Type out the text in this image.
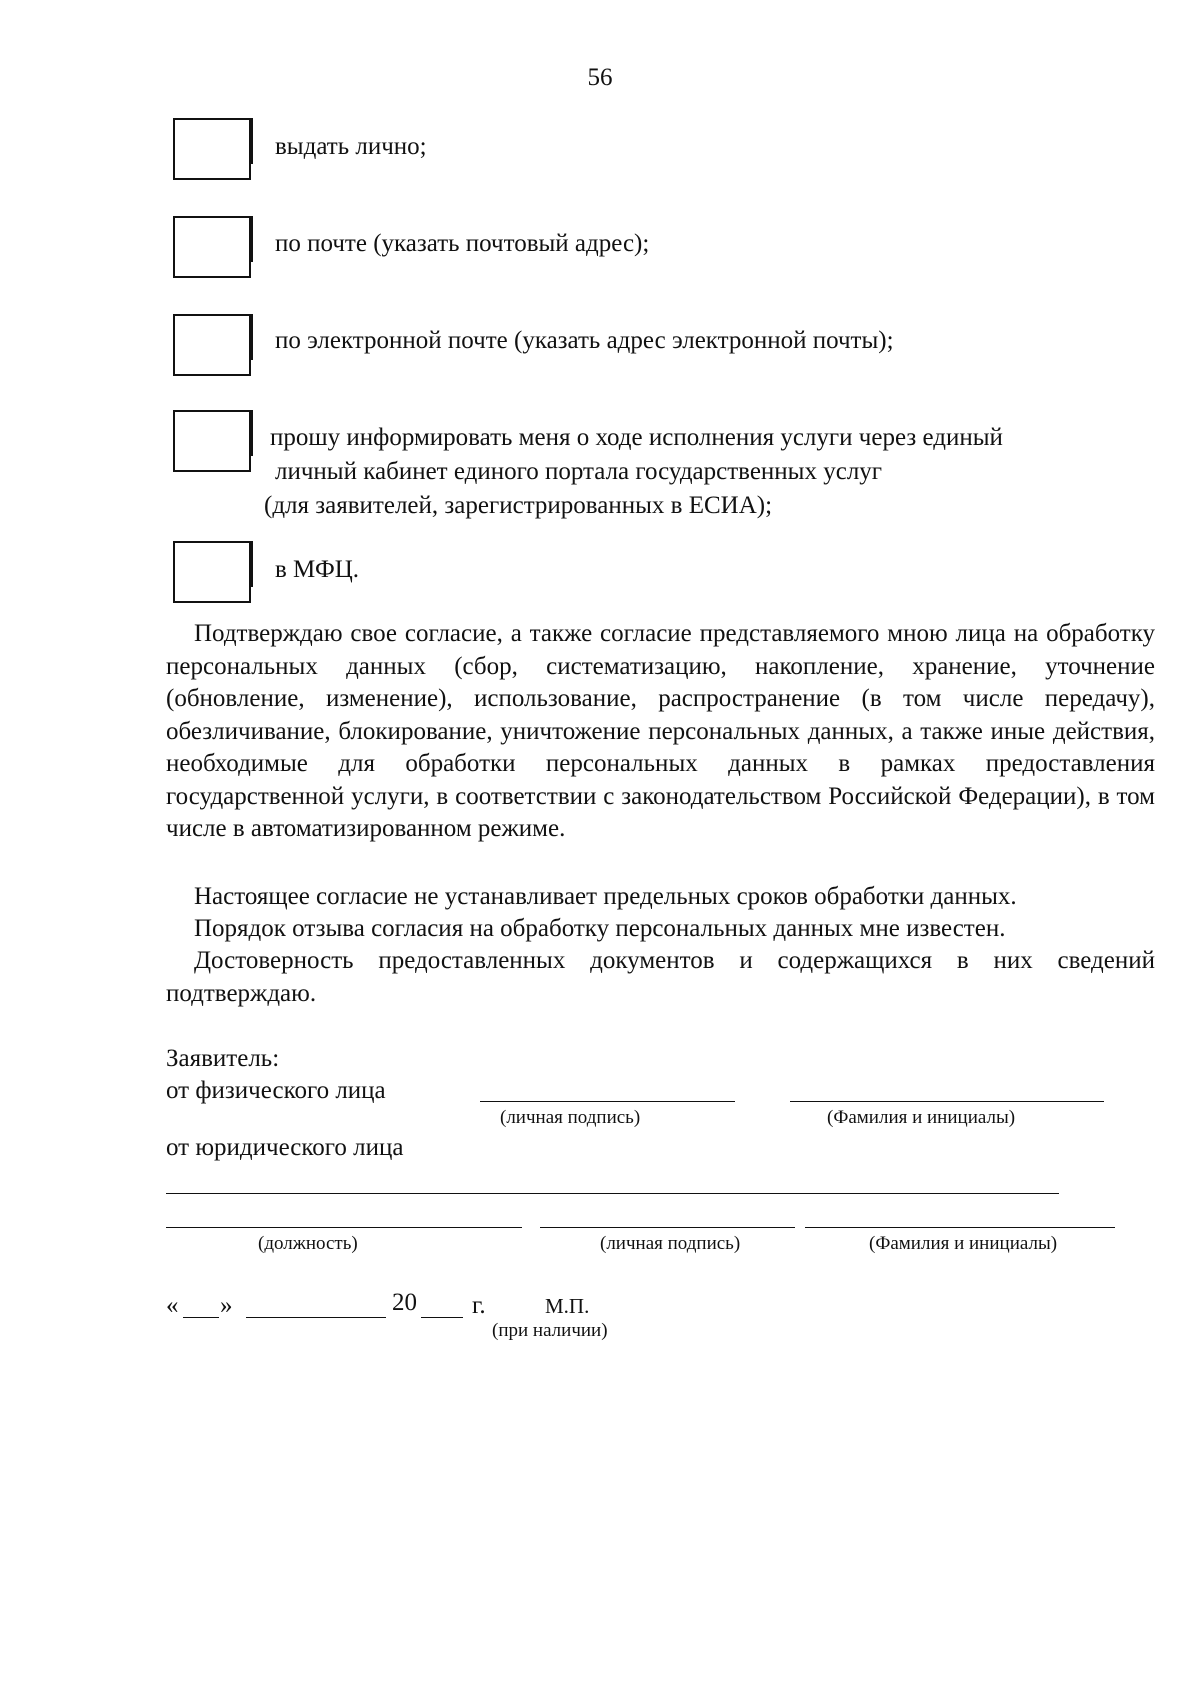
56
выдать лично;
по почте (указать почтовый адрес);
по электронной почте (указать адрес электронной почты);
прошу информировать меня о ходе исполнения услуги через единый
личный кабинет единого портала государственных услуг
(для заявителей, зарегистрированных в ЕСИА);
в МФЦ.
Подтверждаю свое согласие, а также согласие представляемого мною лица на обработку персональных данных (сбор, систематизацию, накопление, хранение, уточнение (обновление, изменение), использование, распространение (в том числе передачу), обезличивание, блокирование, уничтожение персональных данных, а также иные действия, необходимые для обработки персональных данных в рамках предоставления государственной услуги, в соответствии с законодательством Российской Федерации), в том числе в автоматизированном режиме.
Настоящее согласие не устанавливает предельных сроков обработки данных.
Порядок отзыва согласия на обработку персональных данных мне известен.
Достоверность предоставленных документов и содержащихся в них сведений подтверждаю.
Заявитель:
от физического лица
(личная подпись)	(Фамилия и инициалы)
от юридического лица
(должность)	(личная подпись)	(Фамилия и инициалы)
« »	20 г.	М.П.
(при наличии)
